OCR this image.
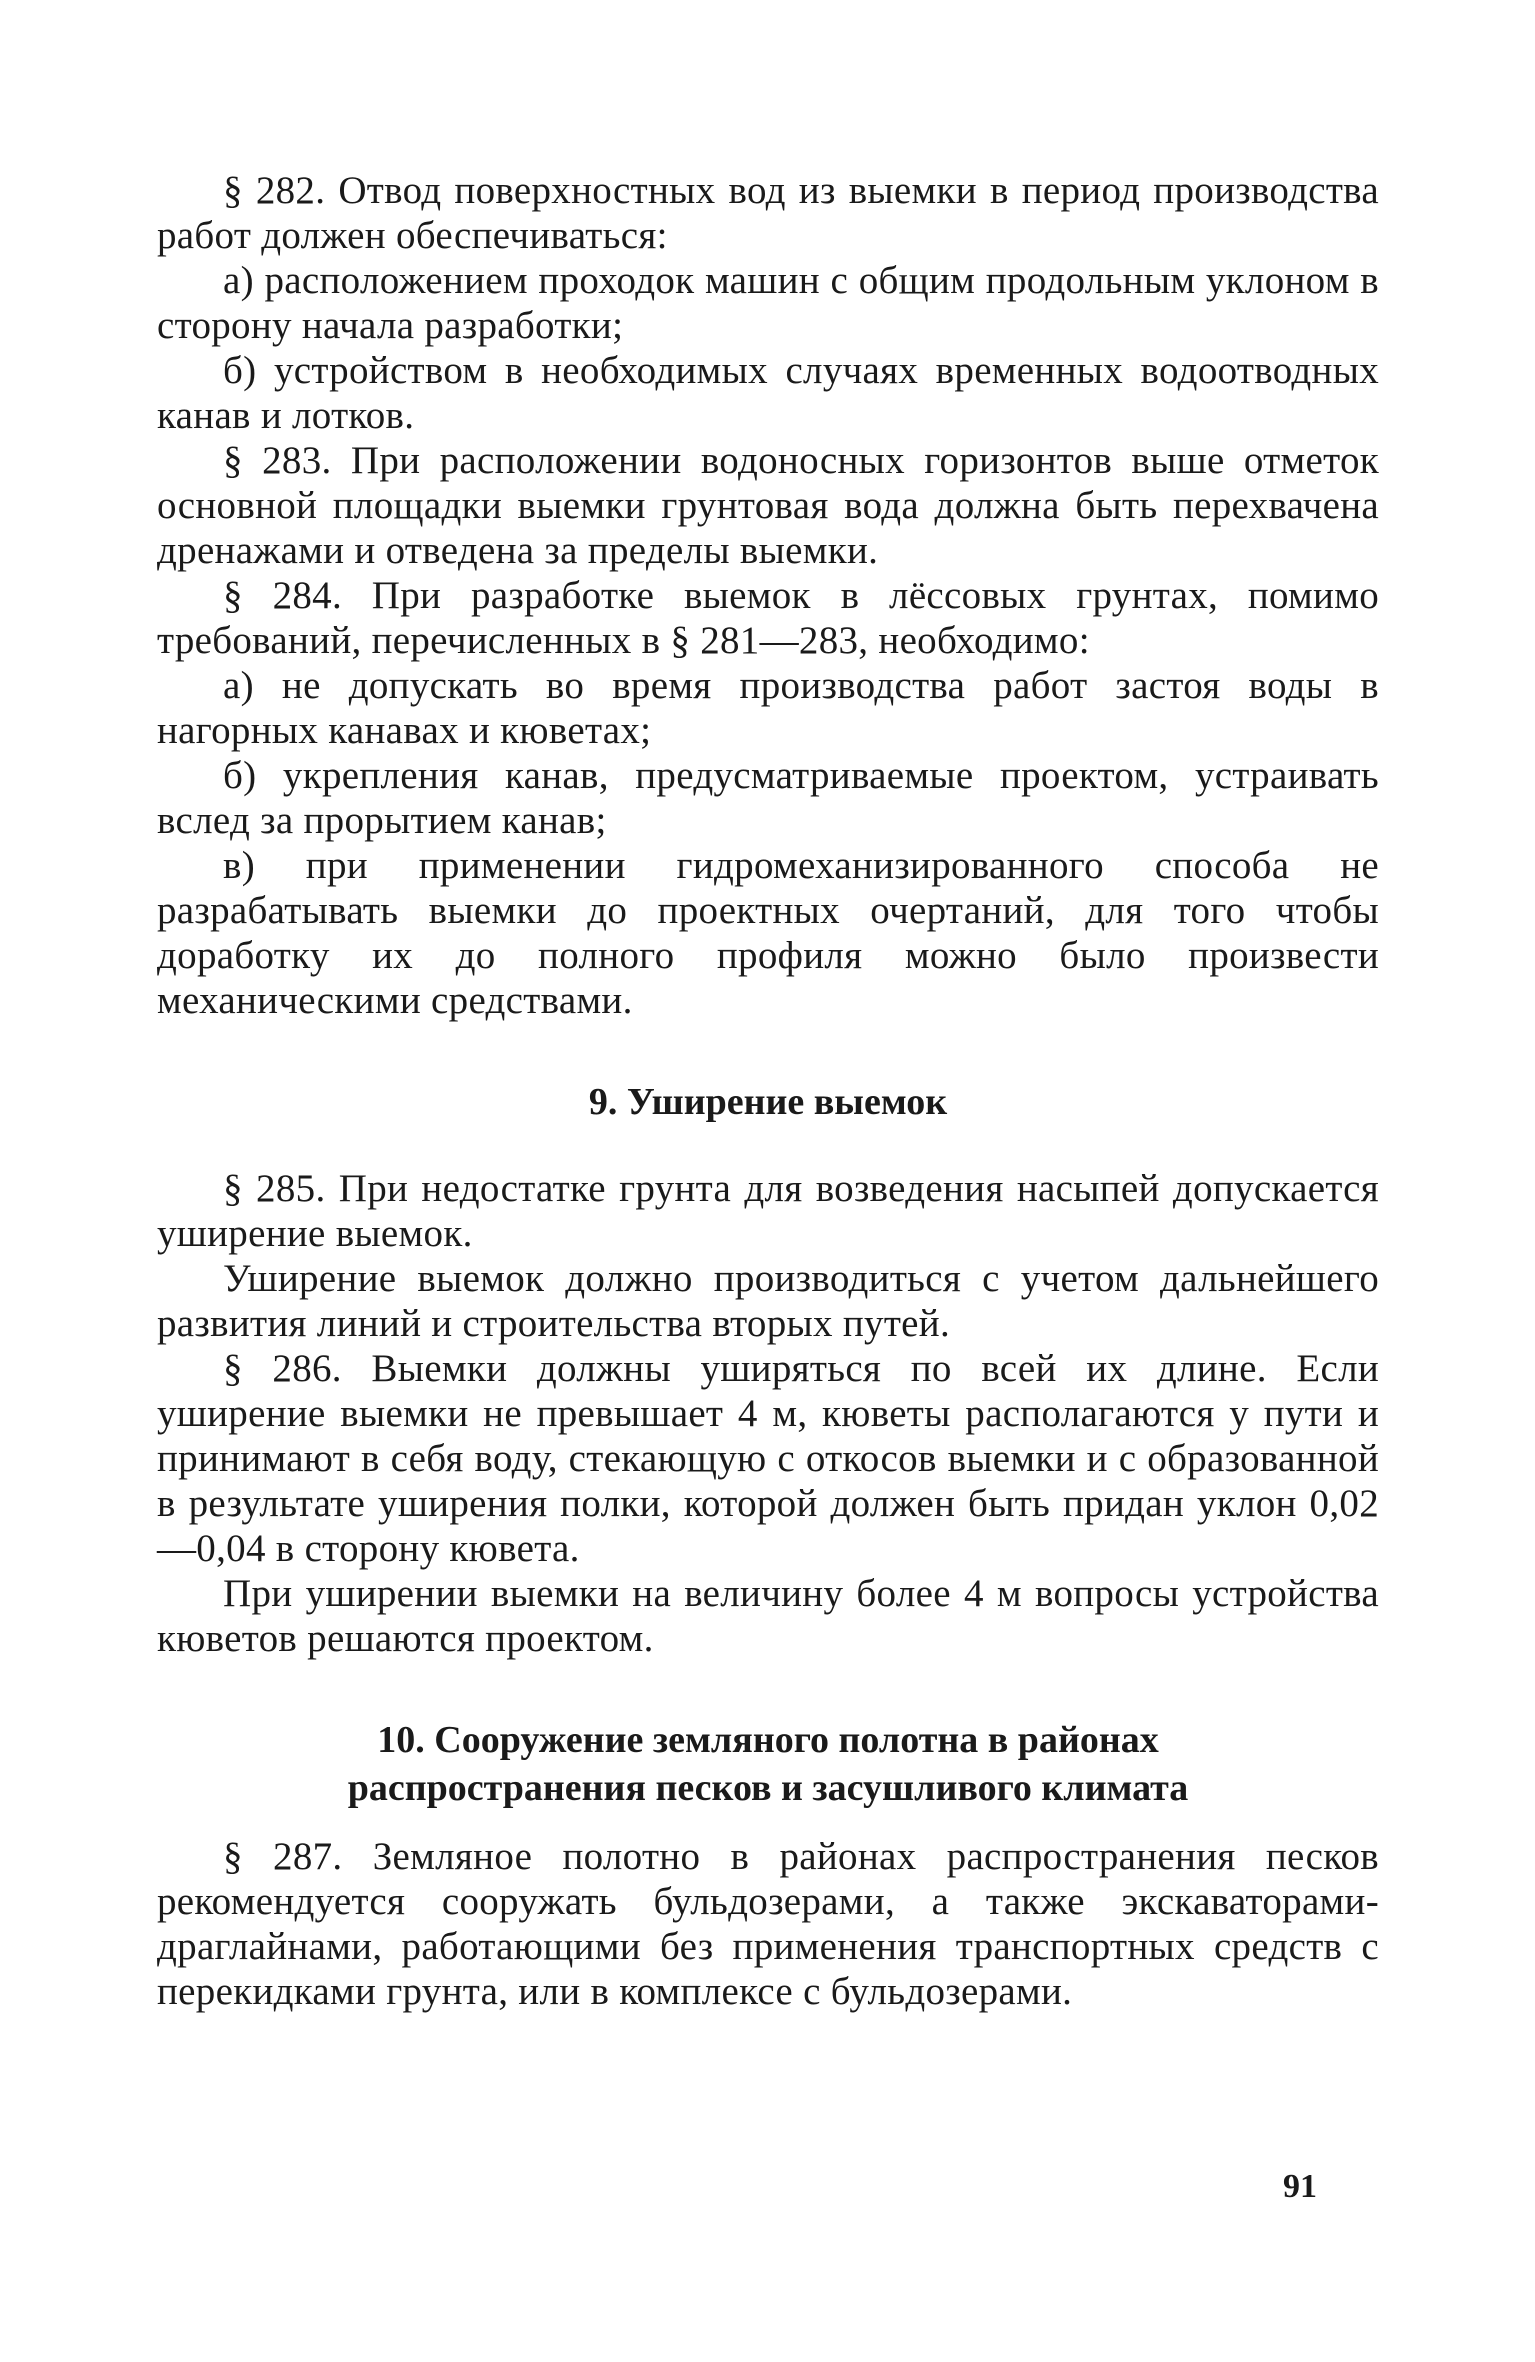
§ 282. Отвод поверхностных вод из выемки в период производства работ должен обеспечиваться:

а) расположением проходок машин с общим продольным уклоном в сторону начала разработки;

б) устройством в необходимых случаях временных водоотводных канав и лотков.

§ 283. При расположении водоносных горизонтов выше отметок основной площадки выемки грунтовая вода должна быть перехвачена дренажами и отведена за пределы выемки.

§ 284. При разработке выемок в лёссовых грунтах, помимо требований, перечисленных в § 281—283, необходимо:

а) не допускать во время производства работ застоя воды в нагорных канавах и кюветах;

б) укрепления канав, предусматриваемые проектом, устраивать вслед за прорытием канав;

в) при применении гидромеханизированного способа не разрабатывать выемки до проектных очертаний, для того чтобы доработку их до полного профиля можно было произвести механическими средствами.

9. Уширение выемок

§ 285. При недостатке грунта для возведения насыпей допускается уширение выемок.

Уширение выемок должно производиться с учетом дальнейшего развития линий и строительства вторых путей.

§ 286. Выемки должны уширяться по всей их длине. Если уширение выемки не превышает 4 м, кюветы располагаются у пути и принимают в себя воду, стекающую с откосов выемки и с образованной в результате уширения полки, которой должен быть придан уклон 0,02—0,04 в сторону кювета.

При уширении выемки на величину более 4 м вопросы устройства кюветов решаются проектом.

10. Сооружение земляного полотна в районах
распространения песков и засушливого климата

§ 287. Земляное полотно в районах распространения песков рекомендуется сооружать бульдозерами, а также экскаваторами-драглайнами, работающими без применения транспортных средств с перекидками грунта, или в комплексе с бульдозерами.

91
